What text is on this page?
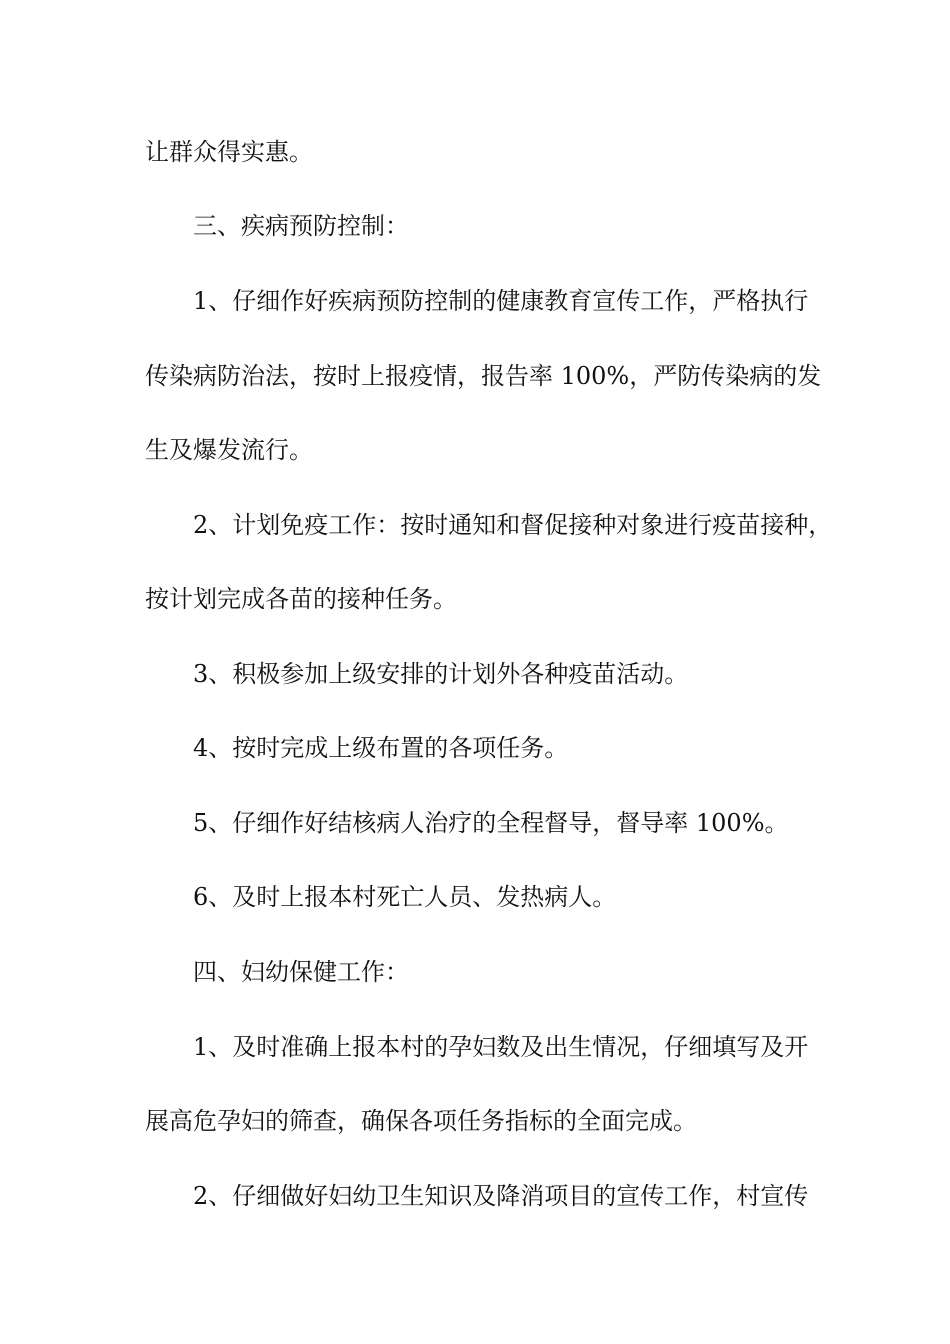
让群众得实惠。
三、疾病预防控制：
1、仔细作好疾病预防控制的健康教育宣传工作，严格执行
传染病防治法，按时上报疫情，报告率 100%，严防传染病的发
生及爆发流行。
2、计划免疫工作：按时通知和督促接种对象进行疫苗接种，
按计划完成各苗的接种任务。
3、积极参加上级安排的计划外各种疫苗活动。
4、按时完成上级布置的各项任务。
5、仔细作好结核病人治疗的全程督导，督导率 100%。
6、及时上报本村死亡人员、发热病人。
四、妇幼保健工作：
1、及时准确上报本村的孕妇数及出生情况，仔细填写及开
展高危孕妇的筛查，确保各项任务指标的全面完成。
2、仔细做好妇幼卫生知识及降消项目的宣传工作，村宣传
